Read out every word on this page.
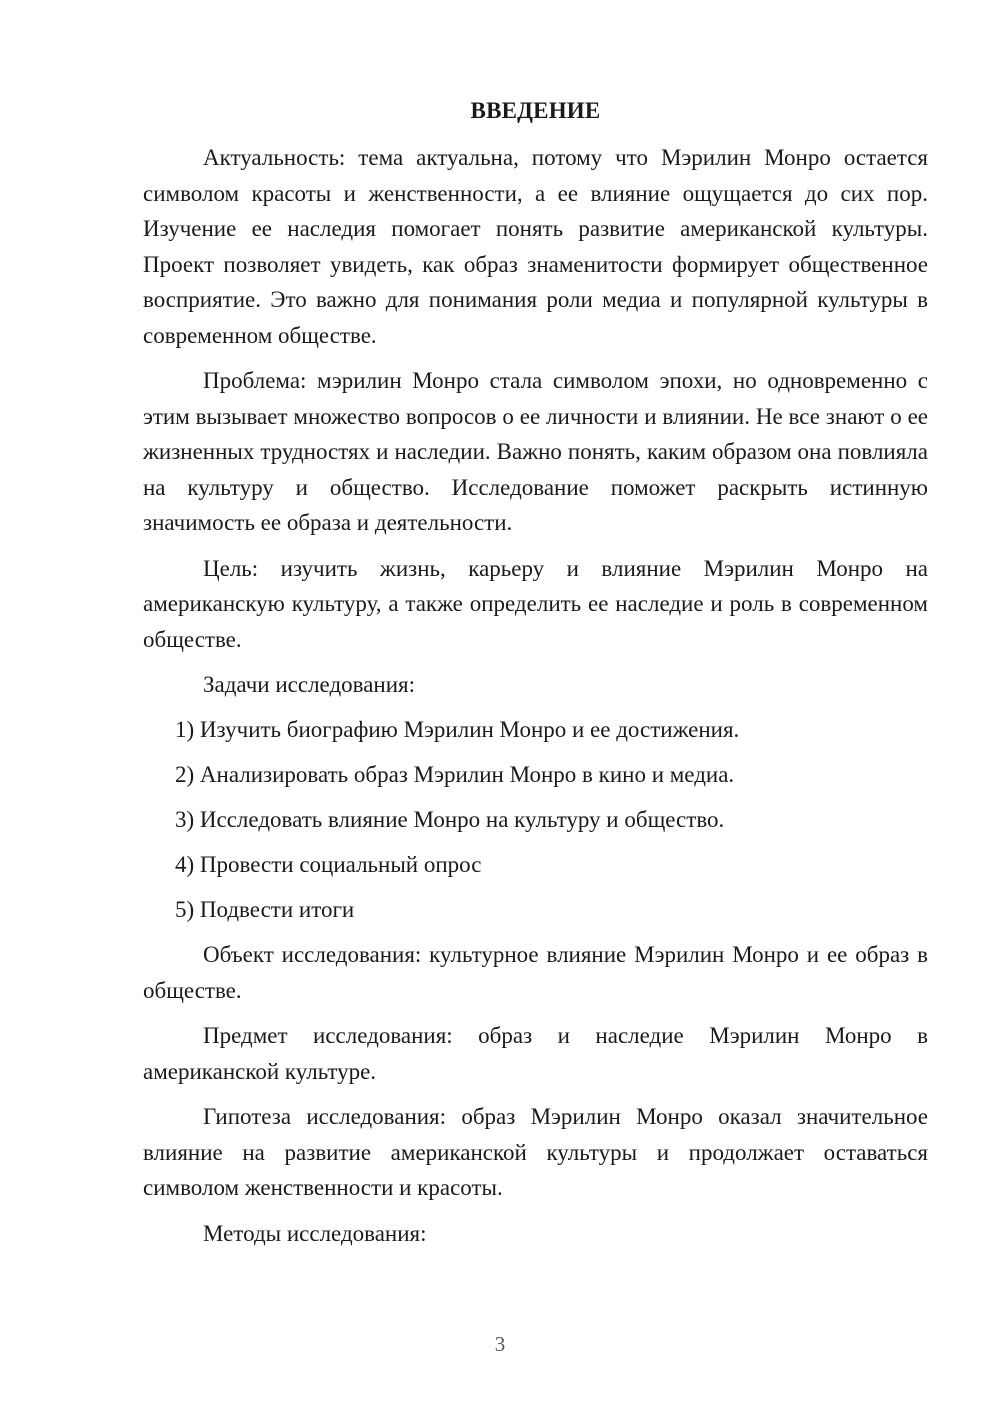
ВВЕДЕНИЕ

Актуальность: тема актуальна, потому что Мэрилин Монро остается символом красоты и женственности, а ее влияние ощущается до сих пор. Изучение ее наследия помогает понять развитие американской культуры. Проект позволяет увидеть, как образ знаменитости формирует общественное восприятие. Это важно для понимания роли медиа и популярной культуры в современном обществе.

Проблема: мэрилин Монро стала символом эпохи, но одновременно с этим вызывает множество вопросов о ее личности и влиянии. Не все знают о ее жизненных трудностях и наследии. Важно понять, каким образом она повлияла на культуру и общество. Исследование поможет раскрыть истинную значимость ее образа и деятельности.

Цель: изучить жизнь, карьеру и влияние Мэрилин Монро на американскую культуру, а также определить ее наследие и роль в современном обществе.

Задачи исследования:

1) Изучить биографию Мэрилин Монро и ее достижения.

2) Анализировать образ Мэрилин Монро в кино и медиа.

3) Исследовать влияние Монро на культуру и общество.

4) Провести социальный опрос

5) Подвести итоги

Объект исследования: культурное влияние Мэрилин Монро и ее образ в обществе.

Предмет исследования: образ и наследие Мэрилин Монро в американской культуре.

Гипотеза исследования: образ Мэрилин Монро оказал значительное влияние на развитие американской культуры и продолжает оставаться символом женственности и красоты.

Методы исследования:

3
